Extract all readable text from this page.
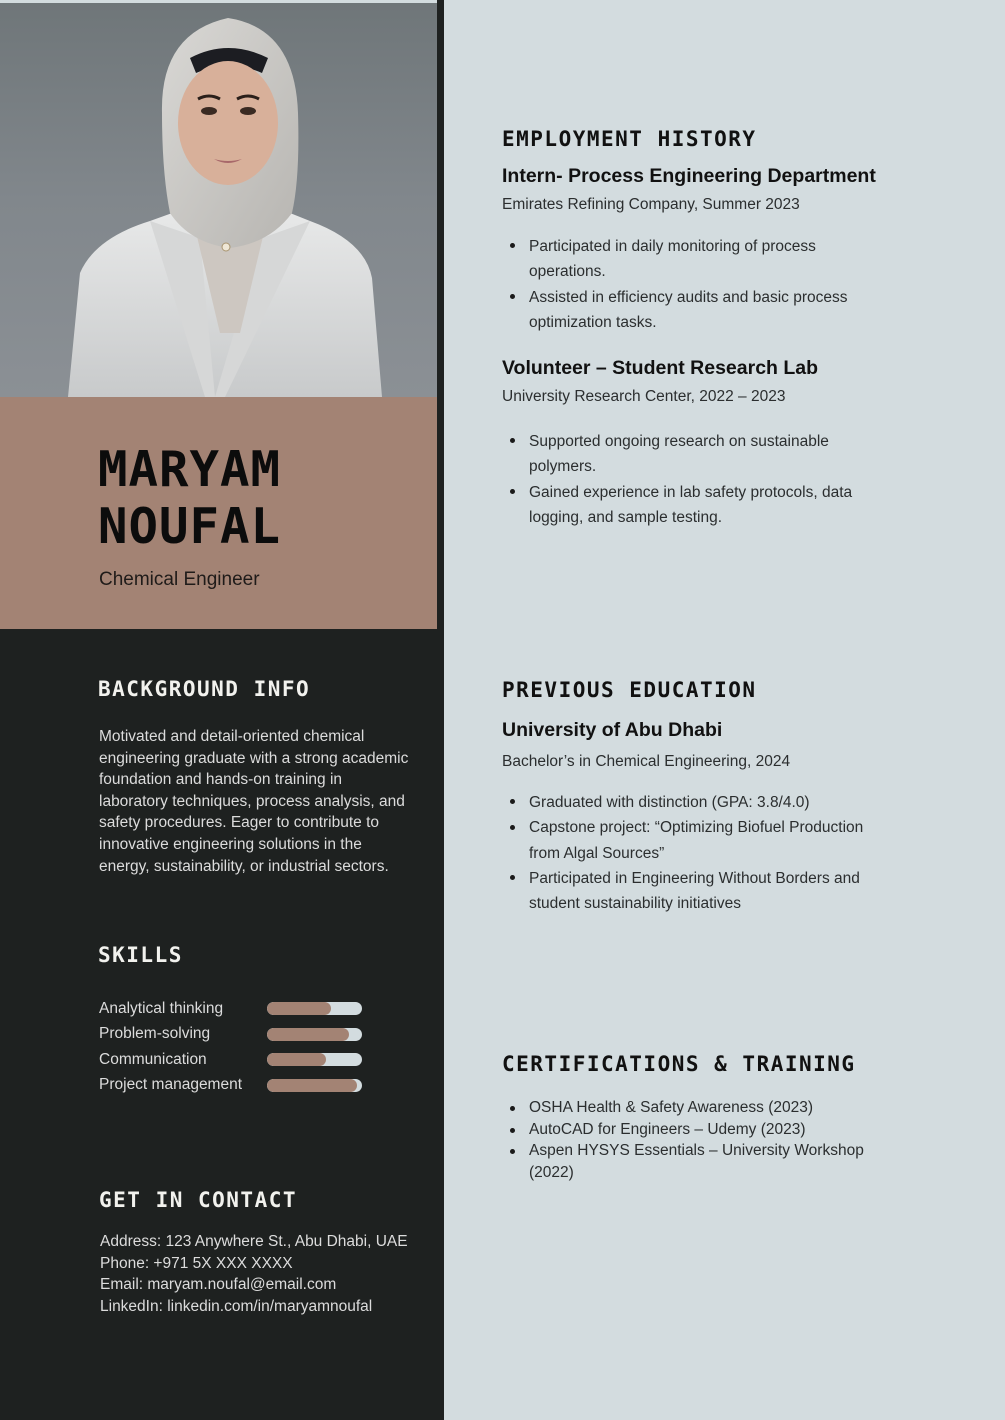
MARYAM
NOUFAL
Chemical Engineer
BACKGROUND INFO
Motivated and detail-oriented chemical engineering graduate with a strong academic foundation and hands-on training in laboratory techniques, process analysis, and safety procedures. Eager to contribute to innovative engineering solutions in the energy, sustainability, or industrial sectors.
SKILLS
Analytical thinking
Problem-solving
Communication
Project management
GET IN CONTACT
Address: 123 Anywhere St., Abu Dhabi, UAE
Phone: +971 5X XXX XXXX
Email: maryam.noufal@email.com
LinkedIn: linkedin.com/in/maryamnoufal
EMPLOYMENT HISTORY
Intern- Process Engineering Department
Emirates Refining Company, Summer 2023
Participated in daily monitoring of process operations.
Assisted in efficiency audits and basic process optimization tasks.
Volunteer – Student Research Lab
University Research Center, 2022 – 2023
Supported ongoing research on sustainable polymers.
Gained experience in lab safety protocols, data logging, and sample testing.
PREVIOUS EDUCATION
University of Abu Dhabi
Bachelor’s in Chemical Engineering, 2024
Graduated with distinction (GPA: 3.8/4.0)
Capstone project: “Optimizing Biofuel Production from Algal Sources”
Participated in Engineering Without Borders and student sustainability initiatives
CERTIFICATIONS & TRAINING
OSHA Health & Safety Awareness (2023)
AutoCAD for Engineers – Udemy (2023)
Aspen HYSYS Essentials – University Workshop (2022)
